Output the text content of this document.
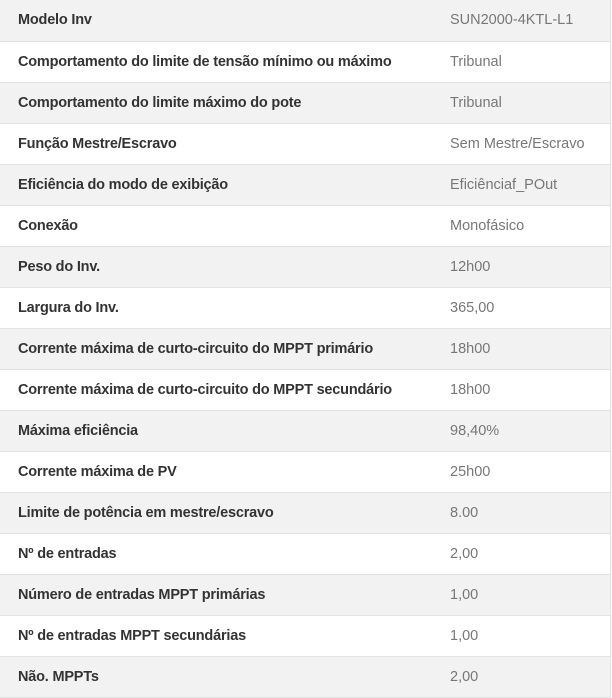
Modelo Inv	SUN2000-4KTL-L1
Comportamento do limite de tensão mínimo ou máximo	Tribunal
Comportamento do limite máximo do pote	Tribunal
Função Mestre/Escravo	Sem Mestre/Escravo
Eficiência do modo de exibição	Eficiênciaf_POut
Conexão	Monofásico
Peso do Inv.	12h00
Largura do Inv.	365,00
Corrente máxima de curto-circuito do MPPT primário	18h00
Corrente máxima de curto-circuito do MPPT secundário	18h00
Máxima eficiência	98,40%
Corrente máxima de PV	25h00
Limite de potência em mestre/escravo	8.00
Nº de entradas	2,00
Número de entradas MPPT primárias	1,00
Nº de entradas MPPT secundárias	1,00
Não. MPPTs	2,00
